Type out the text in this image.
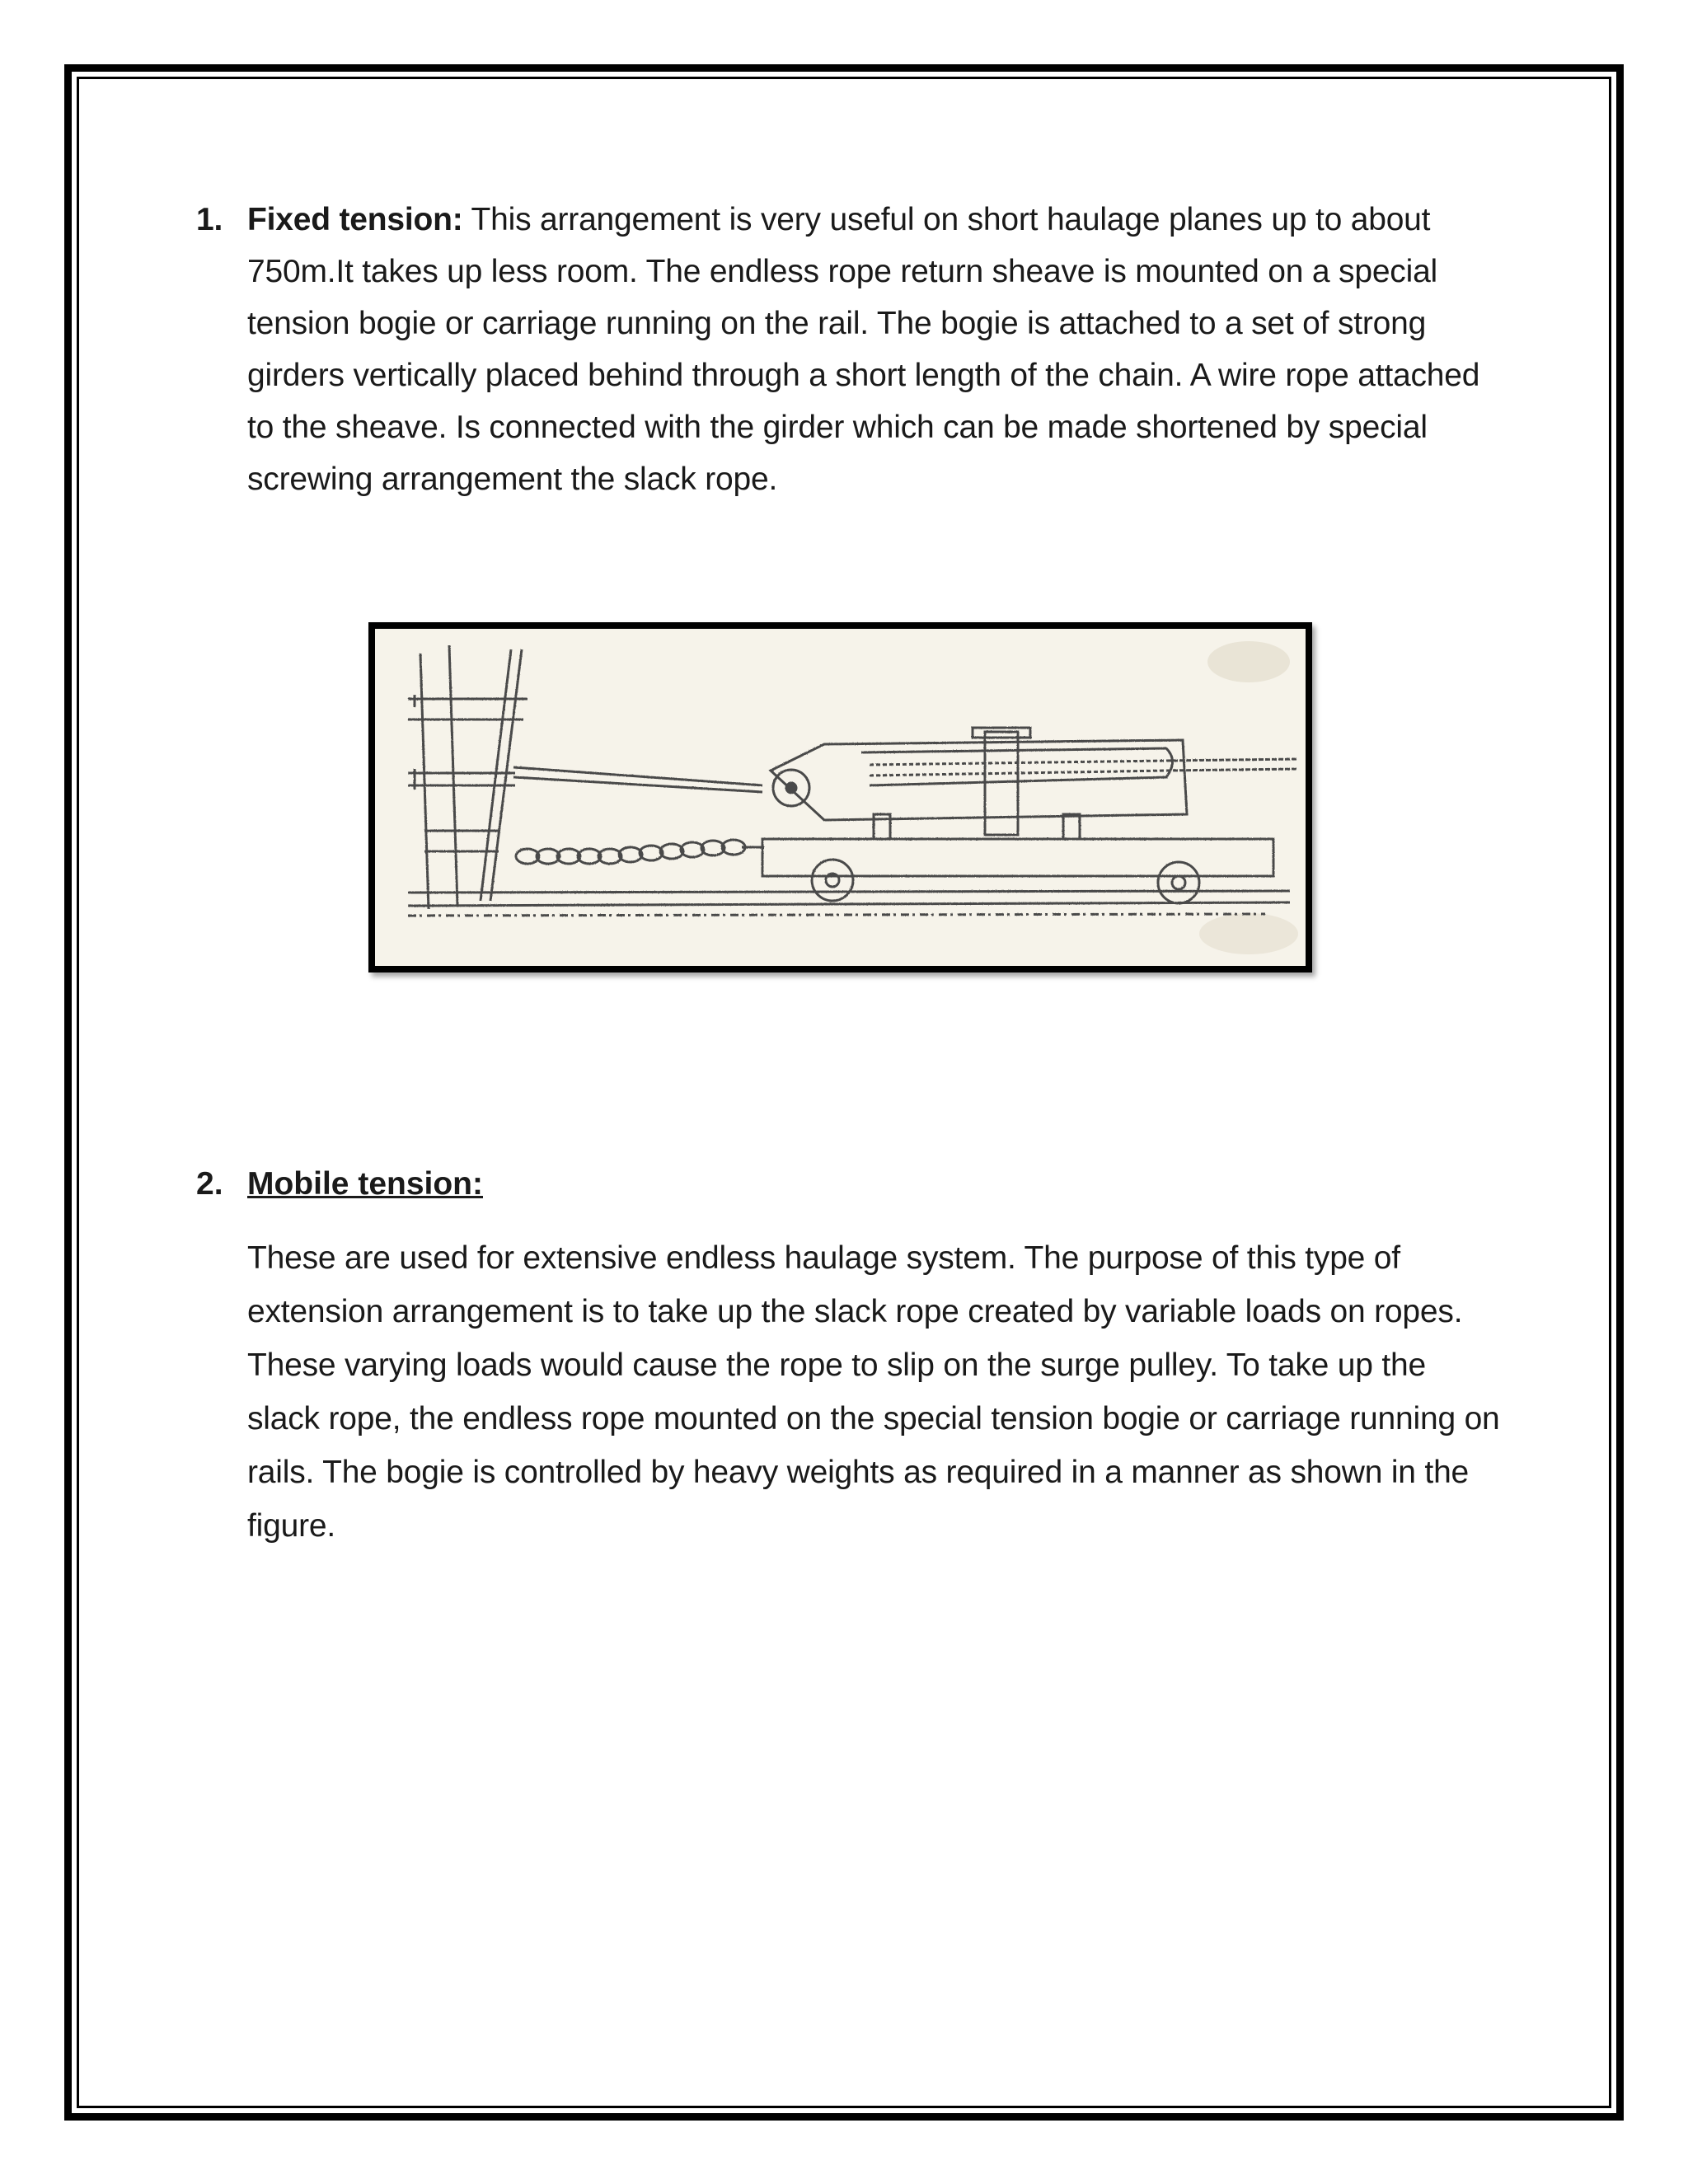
1. Fixed tension: This arrangement is very useful on short haulage planes up to about 750m.It takes up less room. The endless rope return sheave is mounted on a special tension bogie or carriage running on the rail. The bogie is attached to a set of strong girders vertically placed behind through a short length of the chain. A wire rope attached to the sheave. Is connected with the girder which can be made shortened by special screwing arrangement the slack rope.
2. Mobile tension:
These are used for extensive endless haulage system. The purpose of this type of extension arrangement is to take up the slack rope created by variable loads on ropes. These varying loads would cause the rope to slip on the surge pulley. To take up the slack rope, the endless rope mounted on the special tension bogie or carriage running on rails. The bogie is controlled by heavy weights as required in a manner as shown in the figure.
